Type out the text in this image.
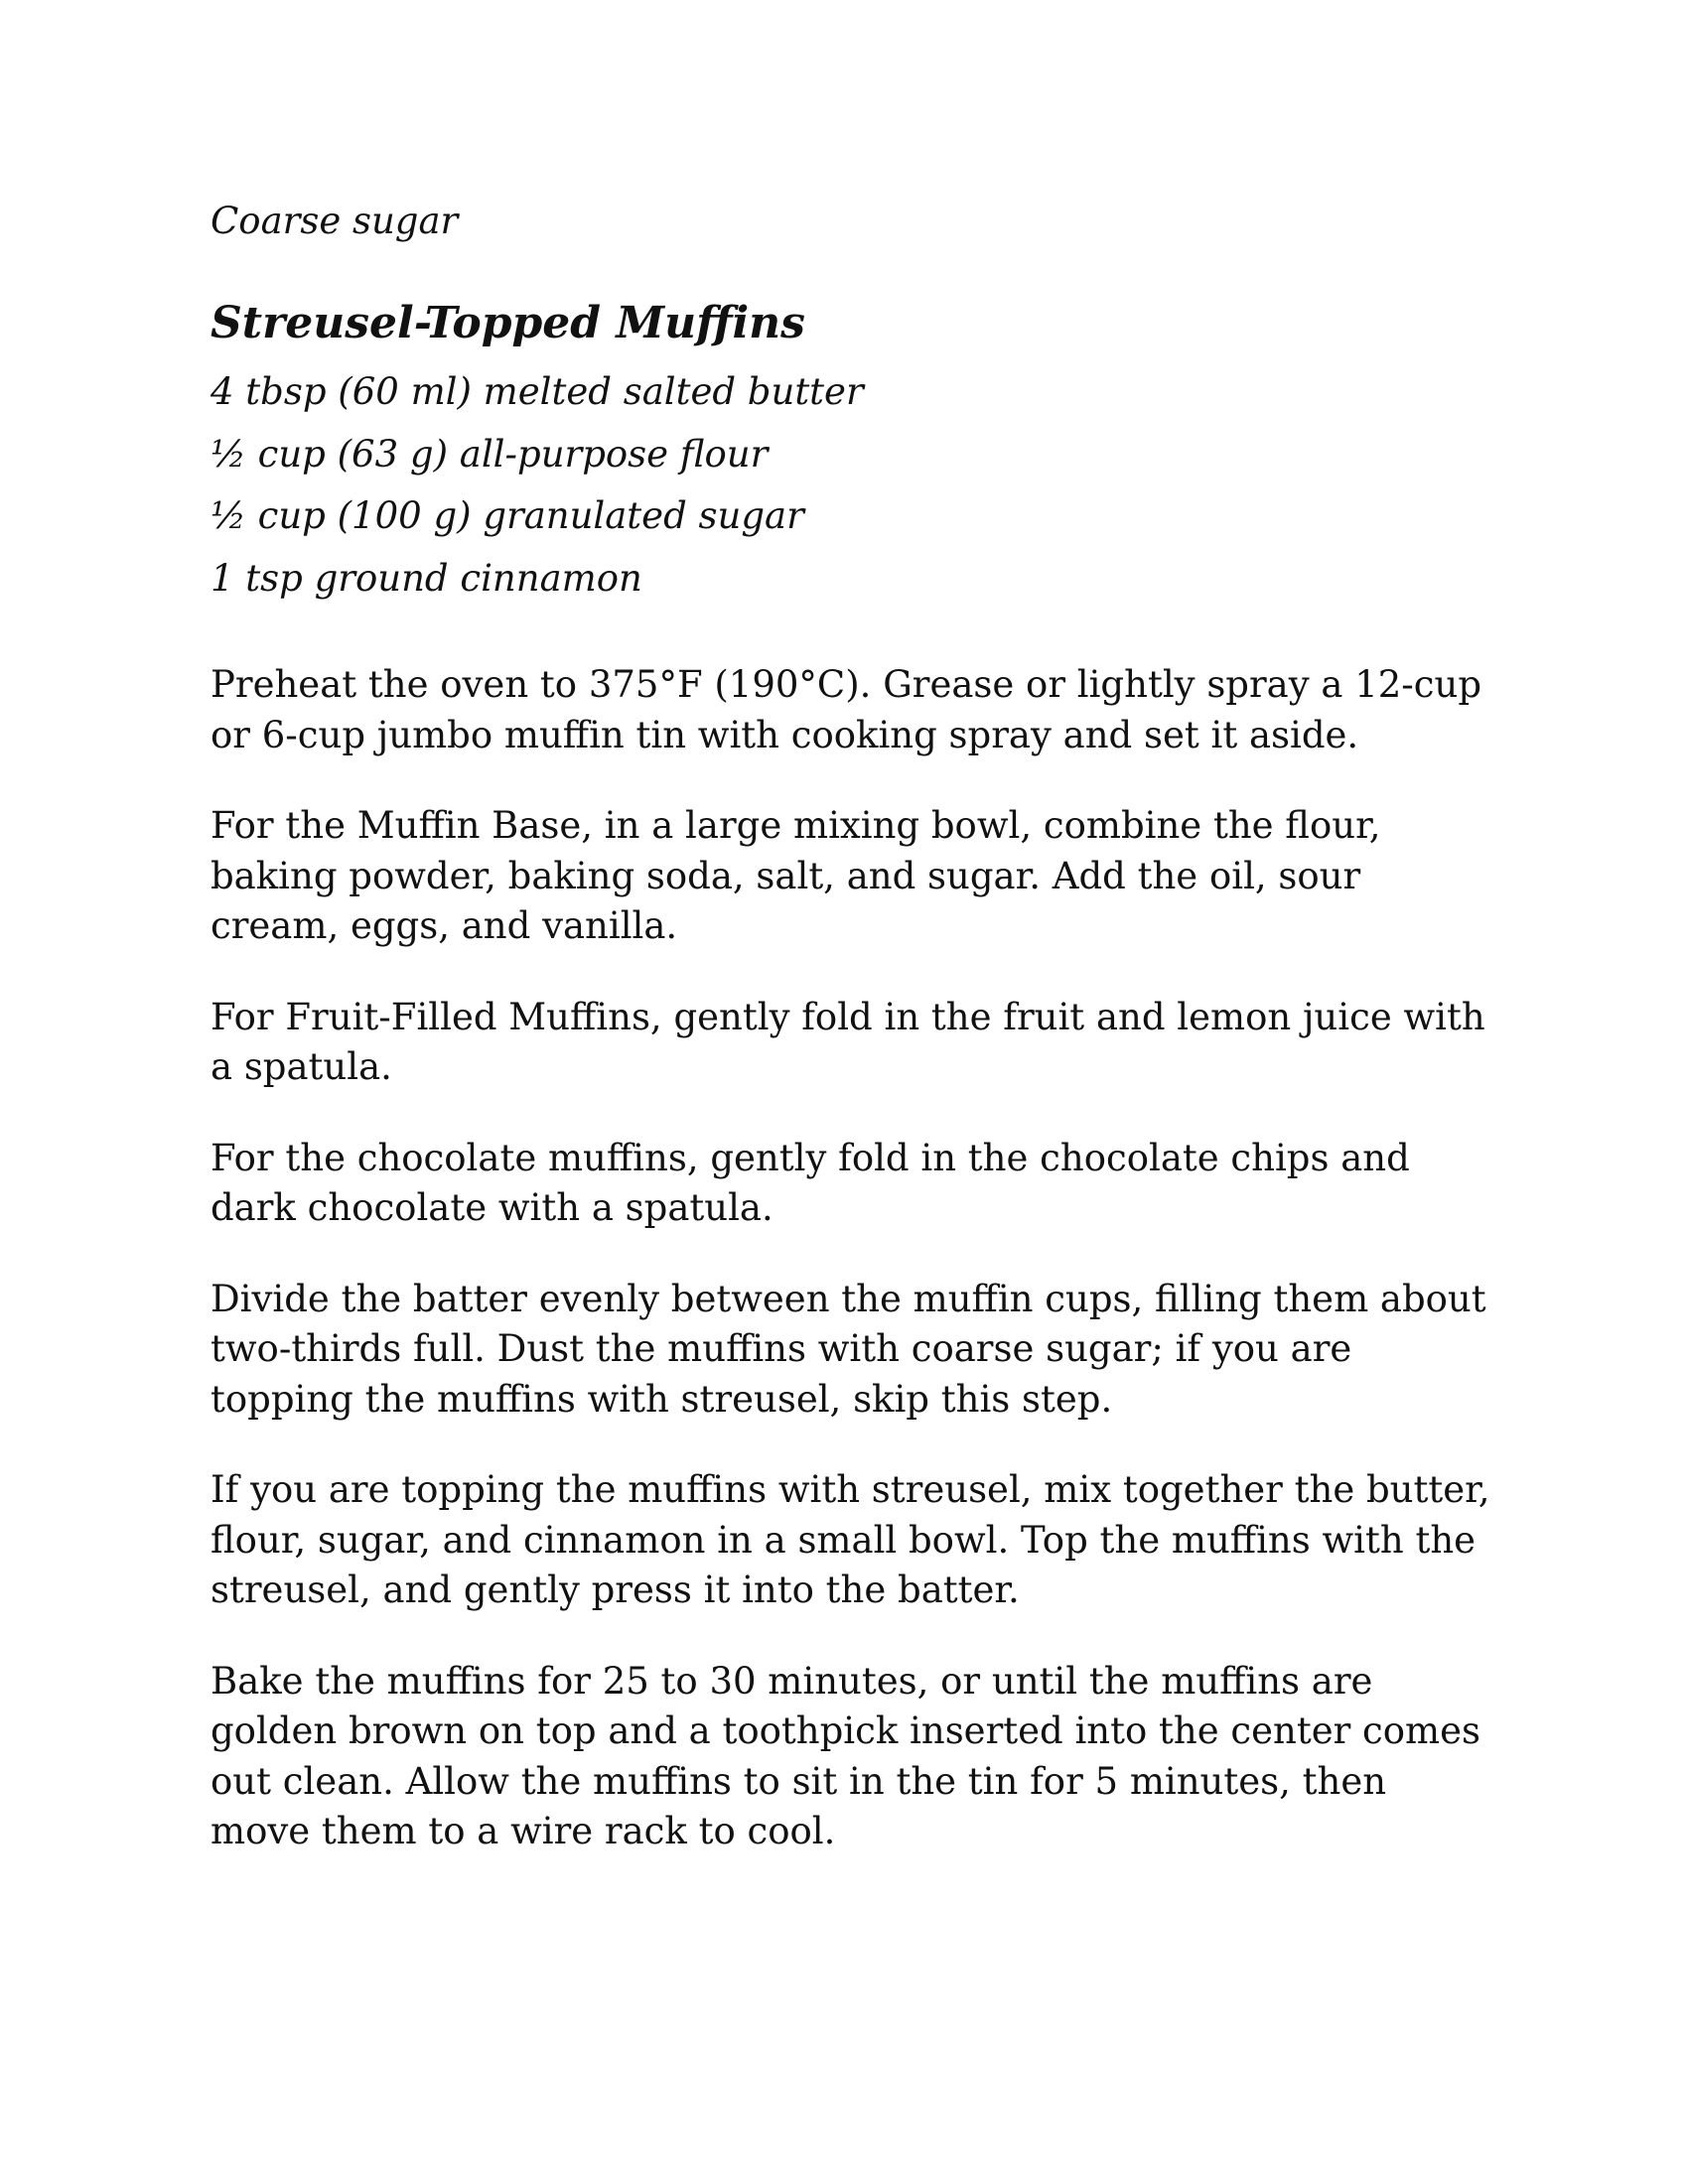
Coarse sugar
Streusel-Topped Muffins
4 tbsp (60 ml) melted salted butter
½ cup (63 g) all-purpose flour
½ cup (100 g) granulated sugar
1 tsp ground cinnamon

Preheat the oven to 375°F (190°C). Grease or lightly spray a 12-cup or 6-cup jumbo muffin tin with cooking spray and set it aside.

For the Muffin Base, in a large mixing bowl, combine the flour, baking powder, baking soda, salt, and sugar. Add the oil, sour cream, eggs, and vanilla.

For Fruit-Filled Muffins, gently fold in the fruit and lemon juice with a spatula.

For the chocolate muffins, gently fold in the chocolate chips and dark chocolate with a spatula.

Divide the batter evenly between the muffin cups, filling them about two-thirds full. Dust the muffins with coarse sugar; if you are topping the muffins with streusel, skip this step.

If you are topping the muffins with streusel, mix together the butter, flour, sugar, and cinnamon in a small bowl. Top the muffins with the streusel, and gently press it into the batter.

Bake the muffins for 25 to 30 minutes, or until the muffins are golden brown on top and a toothpick inserted into the center comes out clean. Allow the muffins to sit in the tin for 5 minutes, then move them to a wire rack to cool.
